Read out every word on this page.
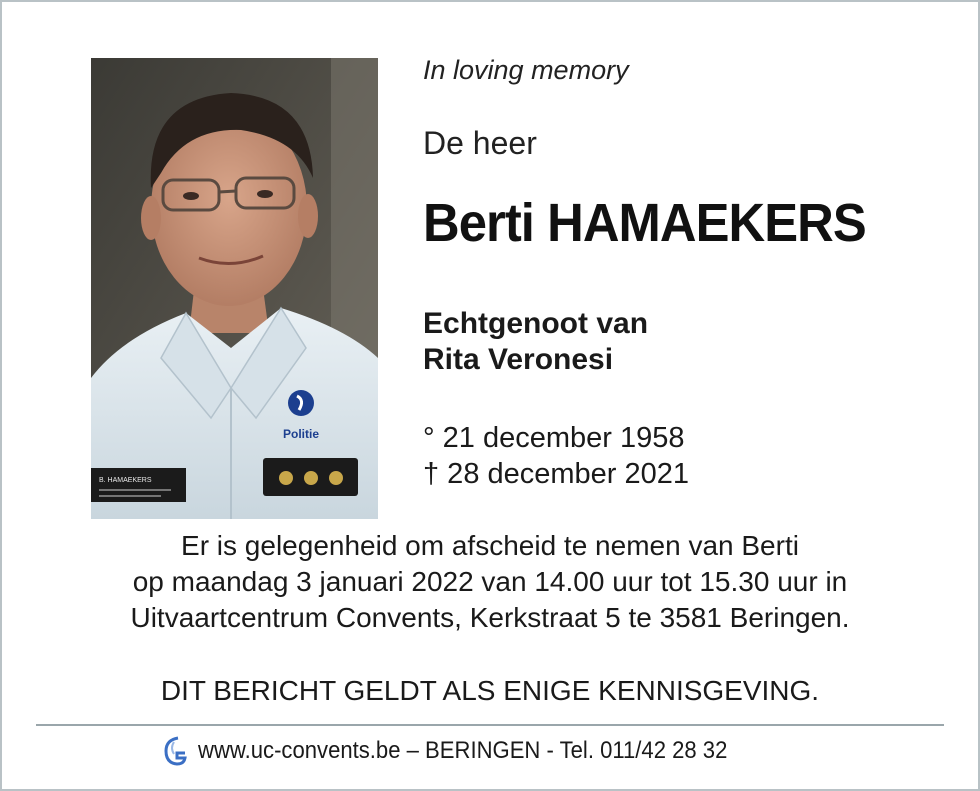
Politie
B. HAMAEKERS
In loving memory
De heer
Berti HAMAEKERS
Echtgenoot van
Rita Veronesi
° 21 december 1958
† 28 december 2021
Er is gelegenheid om afscheid te nemen van Berti
op maandag 3 januari 2022 van 14.00 uur tot 15.30 uur in
Uitvaartcentrum Convents, Kerkstraat 5 te 3581 Beringen.
DIT BERICHT GELDT ALS ENIGE KENNISGEVING.
www.uc-convents.be – BERINGEN - Tel. 011/42 28 32
